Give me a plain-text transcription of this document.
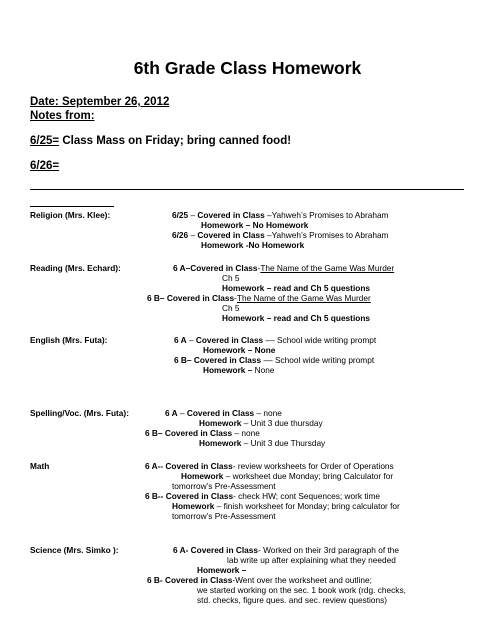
6th Grade Class Homework
Date: September 26, 2012
Notes from:
6/25= Class Mass on Friday; bring canned food!
6/26=
Religion (Mrs. Klee):	6/25 – Covered in Class –Yahweh’s Promises to Abraham
Homework – No Homework
6/26 – Covered in Class –Yahweh’s Promises to Abraham
Homework -No Homework
Reading (Mrs. Echard):	6 A–Covered in Class-The Name of the Game Was Murder
Ch 5
Homework – read and Ch 5 questions
6 B– Covered in Class-The Name of the Game Was Murder
Ch 5
Homework – read and Ch 5 questions
English (Mrs. Futa):	6 A – Covered in Class –– School wide writing prompt
Homework – None
6 B– Covered in Class –– School wide writing prompt
Homework – None
Spelling/Voc. (Mrs. Futa):	6 A – Covered in Class – none
Homework – Unit 3 due thursday
6 B– Covered in Class – none
Homework – Unit 3 due Thursday
Math	6 A-- Covered in Class- review worksheets for Order of Operations
Homework – worksheet due Monday; bring Calculator for
tomorrow’s Pre-Assessment
6 B-- Covered in Class- check HW; cont Sequences; work time
Homework – finish worksheet for Monday; bring calculator for
tomorrow’s Pre-Assessment
Science (Mrs. Simko ):	6 A- Covered in Class- Worked on their 3rd paragraph of the
lab write up after explaining what they needed
Homework –
6 B- Covered in Class-Went over the worksheet and outline;
we started working on the sec. 1 book work (rdg. checks,
std. checks, figure ques. and sec. review questions)
